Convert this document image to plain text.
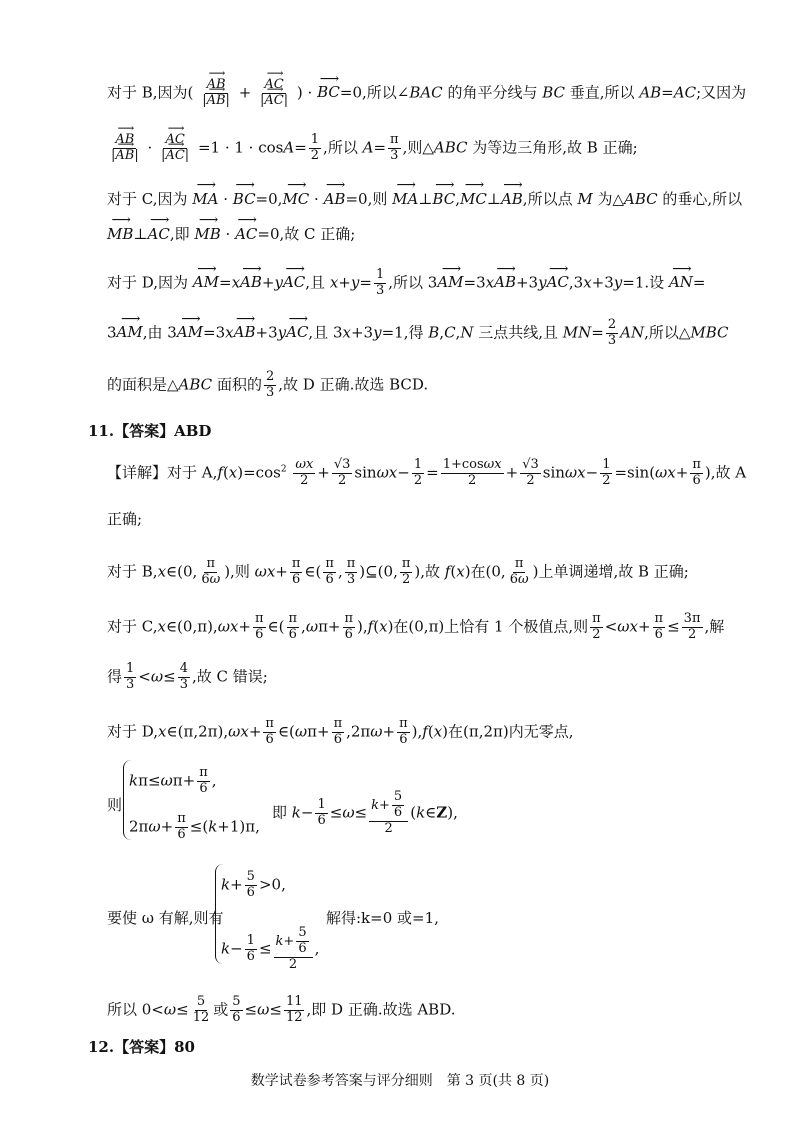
对于 B,因为( ⟶ $\frac{AB}{|⟶ AB|}$ + ⟶ $\frac{AC}{|⟶ AC|}$ ) · ⟶ BC=0,所以∠BAC 的角平分线与 BC 垂直,所以 AB=AC;又因为
⟶ $\frac{AB}{|⟶ AB|}$ · ⟶ $\frac{AC}{|⟶ AC|} =1 \cdot 1 \cdot \cos A= \frac{1}{2}$ ,所以 $A= \frac{\pi}{3}$ ,则△ABC 为等边三角形,故 B 正确;
对于 C,因为 ⟶ MA · ⟶ BC=0,⟶ MC · ⟶ AB=0,则 ⟶ MA⊥⟶ BC,⟶ MC⊥⟶ AB,所以点 M 为△ABC 的垂心,所以
⟶ MB⊥⟶ AC,即 ⟶ MB · ⟶ AC=0,故 C 正确;
对于 D,因为 ⟶ AM=x⟶ AB+y⟶ AC,且 $x+y= \frac{1}{3}$ ,所以 3⟶ AM=3x⟶ AB+3y⟶ AC,3x+3y=1.设 ⟶ AN=
3⟶ AM,由 3⟶ AM=3x⟶ AB+3y⟶ AC,且 3x+3y=1,得 B,C,N 三点共线,且 $MN= \frac{2}{3}$ AN,所以△MBC
的面积是△ABC 面积的 $\frac{2}{3}$ ,故 D 正确.故选 BCD.
11.【答案】ABD
【详解】对于 $A,f(x)=\cos^2 \frac{\omega x}{2} + \frac{√3}{2} \sin\omega x- \frac{1}{2} = \frac{1+\cos\omega x}{2} + \frac{√3}{2} \sin\omega x- \frac{1}{2} =\sin(\omega x+ \frac{\pi}{6}$ ),故 A
正确;
对于 B,x∈(0, $\frac{\pi}{6\omega}$ ),则 $\omega x+ \frac{\pi}{6}$ ∈( $\frac{\pi}{6}$ , $\frac{\pi}{3}$ )⊆(0, $\frac{\pi}{2}$ ),故 f(x)在(0, $\frac{\pi}{6\omega}$ )上单调递增,故 B 正确;
对于 C,x∈(0,π),ωx+ $\frac{\pi}{6}$ ∈( $\frac{\pi}{6} ,\omega\pi+ \frac{\pi}{6} ),f(x)$在(0,π)上恰有 1 个极值点,则 $\frac{\pi}{2} <\omega x+ \frac{\pi}{6} \le \frac{3\pi}{2}$ ,解
得 $\frac{1}{3} <\omega\le \frac{4}{3}$ ,故 C 错误;
对于 D,x∈(π,2π),ωx+ $\frac{\pi}{6}$ ∈(ωπ+ $\frac{\pi}{6} ,2\pi\omega+ \frac{\pi}{6} ),f(x)$在(π,2π)内无零点,
则
$k\pi\le\omega\pi+ \frac{\pi}{6}$ ,
$2\pi\omega+ \frac{\pi}{6} \le(k+1)\pi$,
即 $k- \frac{1}{6} \le\omega\le \frac{k+ \frac{5}{6}}{2}$ (k∈Z),
要使 ω 有解,则有
$k+ \frac{5}{6} >0$,
$k- \frac{1}{6} \le \frac{k+ \frac{5}{6}}{2}$ ,
解得:k=0 或=1,
所以 $0<\omega\le \frac{5}{12}$ 或 $\frac{5}{6} \le\omega\le \frac{11}{12}$ ,即 D 正确.故选 ABD.
12.【答案】80
数学试卷参考答案与评分细则　第 3 页(共 8 页)
